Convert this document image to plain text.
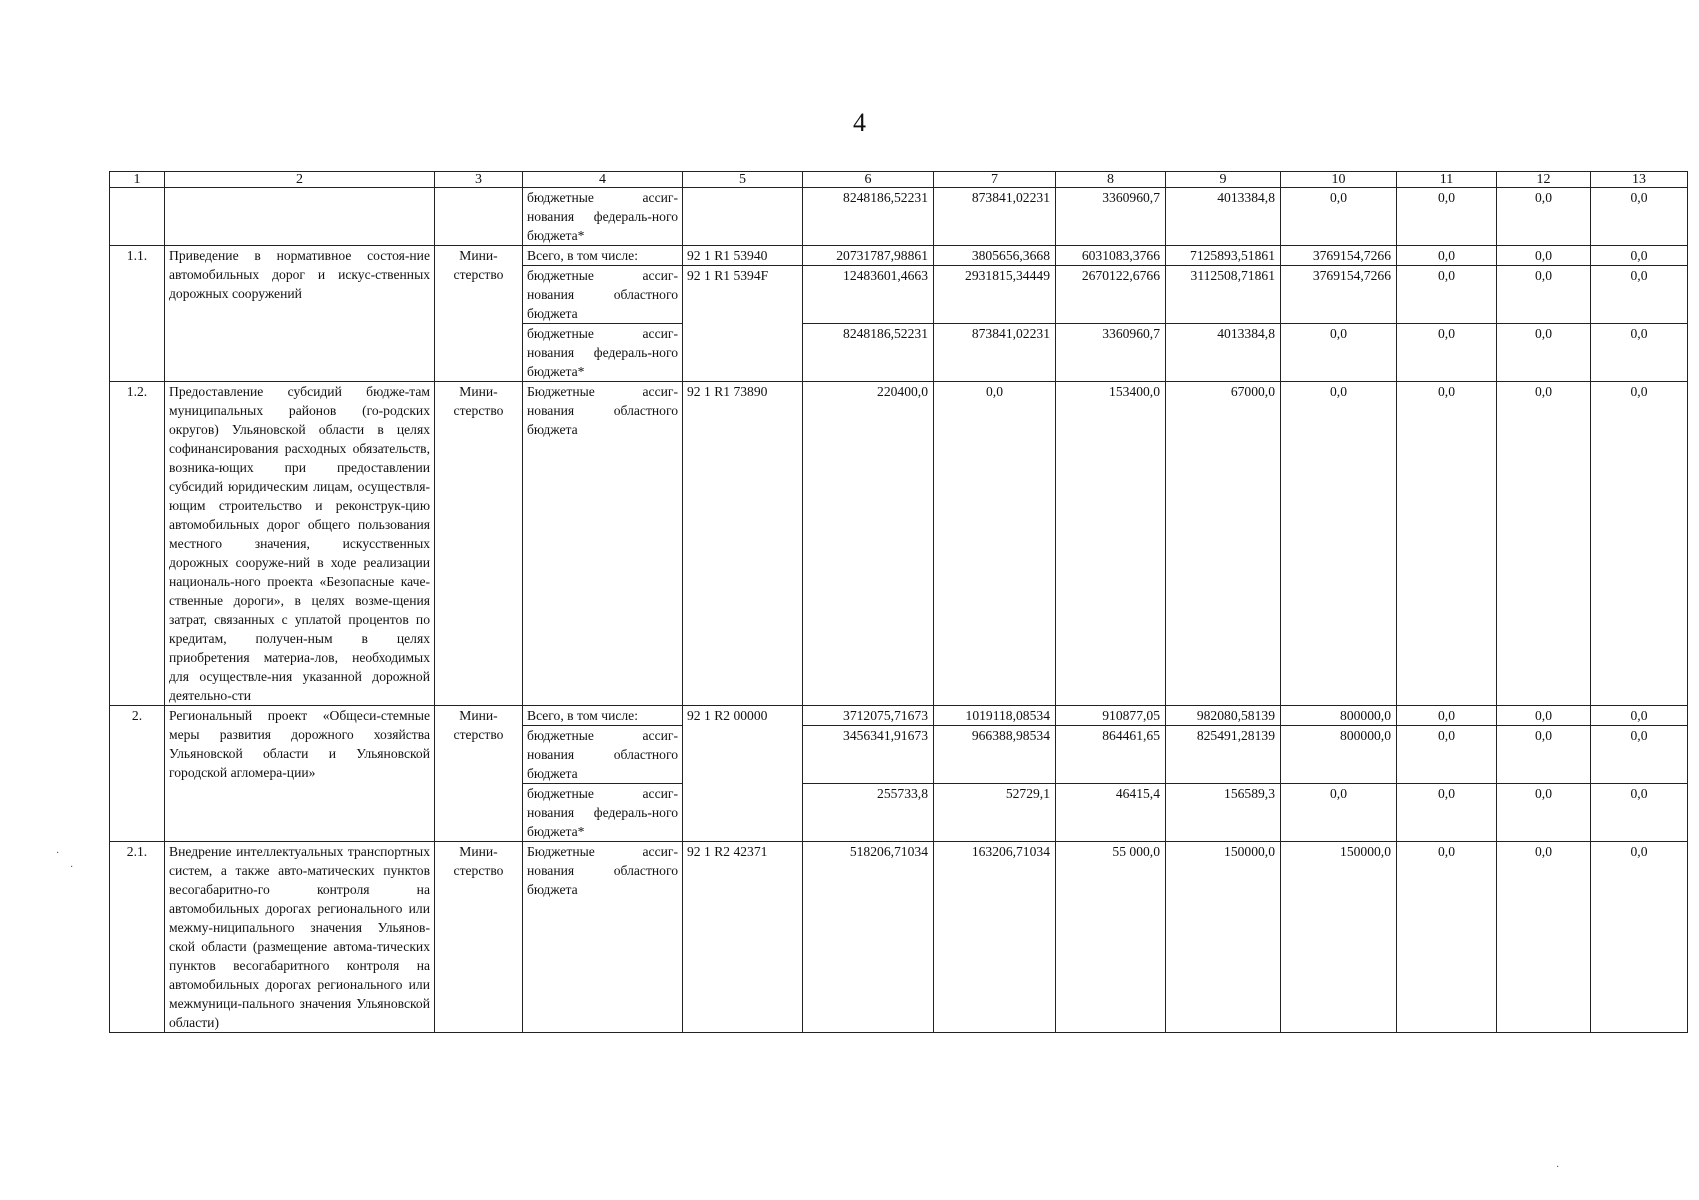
4
1	2	3	4	5	6	7	8	9	10	11	12	13
			бюджетные ассиг-нования федераль-ного бюджета*		8248186,52231	873841,02231	3360960,7	4013384,8	0,0	0,0	0,0	0,0
1.1.	Приведение в нормативное состоя-ние автомобильных дорог и искус-ственных дорожных сооружений	Мини-стерство	Всего, в том числе:	92 1 R1 53940	20731787,98861	3805656,3668	6031083,3766	7125893,51861	3769154,7266	0,0	0,0	0,0
			бюджетные ассиг-нования областного бюджета	92 1 R1 5394F	12483601,4663	2931815,34449	2670122,6766	3112508,71861	3769154,7266	0,0	0,0	0,0
			бюджетные ассиг-нования федераль-ного бюджета*		8248186,52231	873841,02231	3360960,7	4013384,8	0,0	0,0	0,0	0,0
1.2.	Предоставление субсидий бюдже-там муниципальных районов (го-родских округов) Ульяновской области в целях софинансирования расходных обязательств, возника-ющих при предоставлении субсидий юридическим лицам, осуществля-ющим строительство и реконструк-цию автомобильных дорог общего пользования местного значения, искусственных дорожных сооруже-ний в ходе реализации националь-ного проекта «Безопасные каче-ственные дороги», в целях возме-щения затрат, связанных с уплатой процентов по кредитам, получен-ным в целях приобретения материа-лов, необходимых для осуществле-ния указанной дорожной деятельно-сти	Мини-стерство	Бюджетные ассиг-нования областного бюджета	92 1 R1 73890	220400,0	0,0	153400,0	67000,0	0,0	0,0	0,0	0,0
2.	Региональный проект «Общеси-стемные меры развития дорожного хозяйства Ульяновской области и Ульяновской городской агломера-ции»	Мини-стерство	Всего, в том числе:	92 1 R2 00000	3712075,71673	1019118,08534	910877,05	982080,58139	800000,0	0,0	0,0	0,0
			бюджетные ассиг-нования областного бюджета		3456341,91673	966388,98534	864461,65	825491,28139	800000,0	0,0	0,0	0,0
			бюджетные ассиг-нования федераль-ного бюджета*		255733,8	52729,1	46415,4	156589,3	0,0	0,0	0,0	0,0
2.1.	Внедрение интеллектуальных транспортных систем, а также авто-матических пунктов весогабаритно-го контроля на автомобильных дорогах регионального или межму-ниципального значения Ульянов-ской области (размещение автома-тических пунктов весогабаритного контроля на автомобильных дорогах регионального или межмуници-пального значения Ульяновской области)	Мини-стерство	Бюджетные ассиг-нования областного бюджета	92 1 R2 42371	518206,71034	163206,71034	55 000,0	150000,0	150000,0	0,0	0,0	0,0
·
·
·
